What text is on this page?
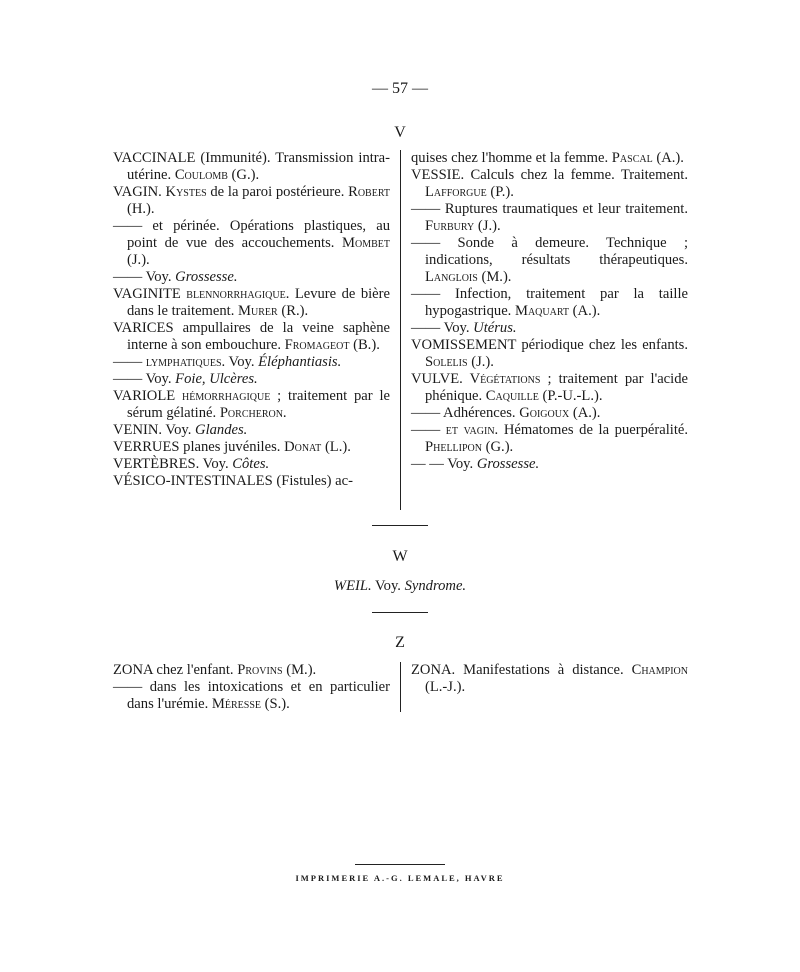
— 57 —
V

VACCINALE (Immunité). Transmission intra-utérine. Coulomb (G.).

VAGIN. Kystes de la paroi postérieure. Robert (H.).

—— et périnée. Opérations plastiques, au point de vue des accouchements. Mombet (J.).

—— Voy. Grossesse.

VAGINITE blennorrhagique. Levure de bière dans le traitement. Murer (R.).

VARICES ampullaires de la veine saphène interne à son embouchure. Fromageot (B.).

—— lymphatiques. Voy. Éléphantiasis.

—— Voy. Foie, Ulcères.

VARIOLE hémorrhagique ; traitement par le sérum gélatiné. Porcheron.

VENIN. Voy. Glandes.

VERRUES planes juvéniles. Donat (L.).

VERTÈBRES. Voy. Côtes.

VÉSICO-INTESTINALES (Fistules) ac-

quises chez l'homme et la femme. Pascal (A.).

VESSIE. Calculs chez la femme. Traitement. Lafforgue (P.).

—— Ruptures traumatiques et leur traitement. Furbury (J.).

—— Sonde à demeure. Technique ; indications, résultats thérapeutiques. Langlois (M.).

—— Infection, traitement par la taille hypogastrique. Maquart (A.).

—— Voy. Utérus.

VOMISSEMENT périodique chez les enfants. Solelis (J.).

VULVE. Végétations ; traitement par l'acide phénique. Caquille (P.-U.-L.).

—— Adhérences. Goigoux (A.).

—— et vagin. Hématomes de la puerpéralité. Phellipon (G.).

— — Voy. Grossesse.

W
WEIL. Voy. Syndrome.
Z

ZONA chez l'enfant. Provins (M.).

—— dans les intoxications et en particulier dans l'urémie. Méresse (S.).

ZONA. Manifestations à distance. Champion (L.-J.).

IMPRIMERIE A.-G. LEMALE, HAVRE
